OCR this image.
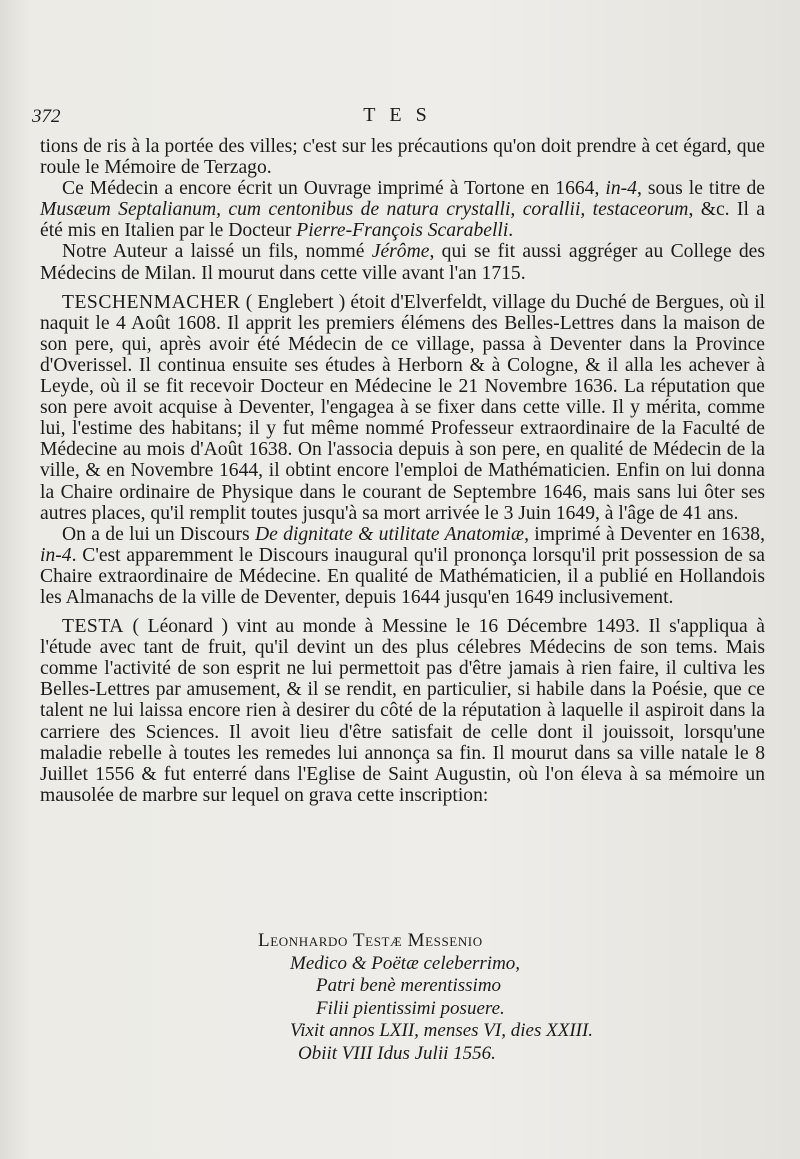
372	TES

tions de ris à la portée des villes; c'est sur les précautions qu'on doit prendre à cet égard, que roule le Mémoire de Terzago.

Ce Médecin a encore écrit un Ouvrage imprimé à Tortone en 1664, in-4, sous le titre de Musæum Septalianum, cum centonibus de natura crystalli, corallii, testaceorum, &c. Il a été mis en Italien par le Docteur Pierre-François Scarabelli.

Notre Auteur a laissé un fils, nommé Jérôme, qui se fit aussi aggréger au College des Médecins de Milan. Il mourut dans cette ville avant l'an 1715.

TESCHENMACHER ( Englebert ) étoit d'Elverfeldt, village du Duché de Bergues, où il naquit le 4 Août 1608. Il apprit les premiers élémens des Belles-Lettres dans la maison de son pere, qui, après avoir été Médecin de ce village, passa à Deventer dans la Province d'Overissel. Il continua ensuite ses études à Herborn & à Cologne, & il alla les achever à Leyde, où il se fit recevoir Docteur en Médecine le 21 Novembre 1636. La réputation que son pere avoit acquise à Deventer, l'engagea à se fixer dans cette ville. Il y mérita, comme lui, l'estime des habitans; il y fut même nommé Professeur extraordinaire de la Faculté de Médecine au mois d'Août 1638. On l'associa depuis à son pere, en qualité de Médecin de la ville, & en Novembre 1644, il obtint encore l'emploi de Mathématicien. Enfin on lui donna la Chaire ordinaire de Physique dans le courant de Septembre 1646, mais sans lui ôter ses autres places, qu'il remplit toutes jusqu'à sa mort arrivée le 3 Juin 1649, à l'âge de 41 ans.

On a de lui un Discours De dignitate & utilitate Anatomiæ, imprimé à Deventer en 1638, in-4. C'est apparemment le Discours inaugural qu'il prononça lorsqu'il prit possession de sa Chaire extraordinaire de Médecine. En qualité de Mathématicien, il a publié en Hollandois les Almanachs de la ville de Deventer, depuis 1644 jusqu'en 1649 inclusivement.

TESTA ( Léonard ) vint au monde à Messine le 16 Décembre 1493. Il s'appliqua à l'étude avec tant de fruit, qu'il devint un des plus célebres Médecins de son tems. Mais comme l'activité de son esprit ne lui permettoit pas d'être jamais à rien faire, il cultiva les Belles-Lettres par amusement, & il se rendit, en particulier, si habile dans la Poésie, que ce talent ne lui laissa encore rien à desirer du côté de la réputation à laquelle il aspiroit dans la carriere des Sciences. Il avoit lieu d'être satisfait de celle dont il jouissoit, lorsqu'une maladie rebelle à toutes les remedes lui annonça sa fin. Il mourut dans sa ville natale le 8 Juillet 1556 & fut enterré dans l'Eglise de Saint Augustin, où l'on éleva à sa mémoire un mausolée de marbre sur lequel on grava cette inscription:

Leonhardo Testæ Messenio
Medico & Poëtæ celeberrimo,
Patri benè merentissimo
Filii pientissimi posuere.
Vixit annos LXII, menses VI, dies XXIII.
Obiit VIII Idus Julii 1556.
